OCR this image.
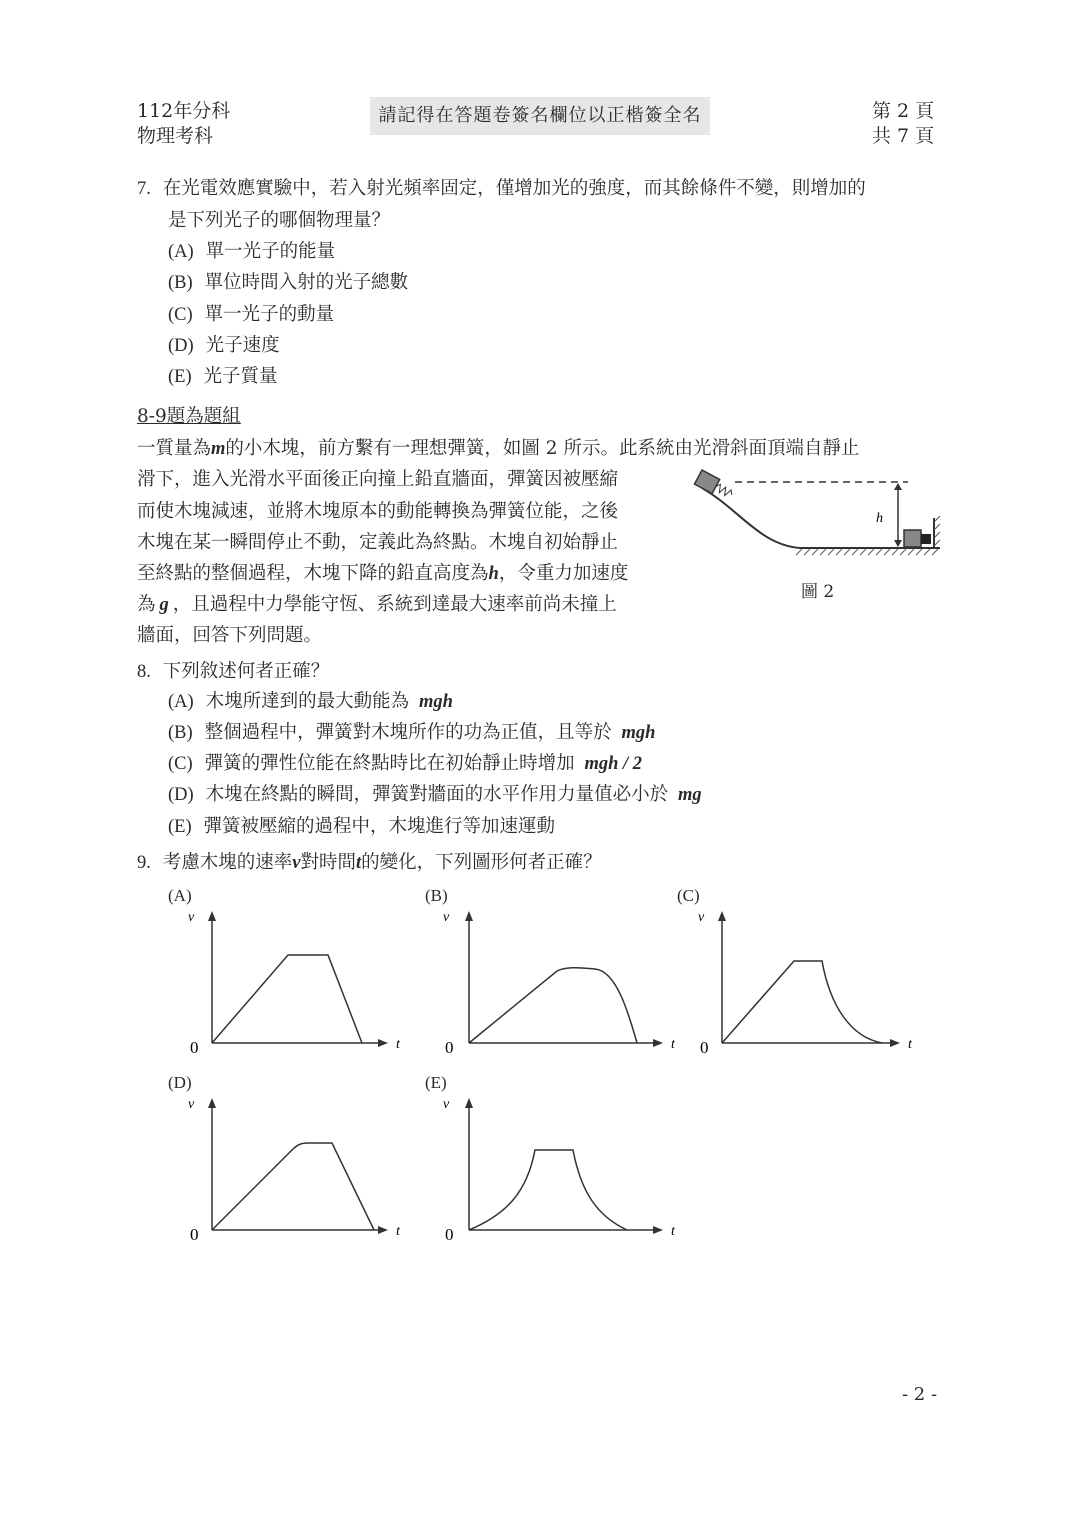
112年分科
物理考科
請記得在答題卷簽名欄位以正楷簽全名	第 2 頁
共 7 頁
7. 在光電效應實驗中，若入射光頻率固定，僅增加光的強度，而其餘條件不變，則增加的
是下列光子的哪個物理量？
(A) 單一光子的能量
(B) 單位時間入射的光子總數
(C) 單一光子的動量
(D) 光子速度
(E) 光子質量
8-9題為題組
一質量為m的小木塊，前方繫有一理想彈簧，如圖 2 所示。此系統由光滑斜面頂端自靜止
滑下，進入光滑水平面後正向撞上鉛直牆面，彈簧因被壓縮
而使木塊減速，並將木塊原本的動能轉換為彈簧位能，之後
木塊在某一瞬間停止不動，定義此為終點。木塊自初始靜止
至終點的整個過程，木塊下降的鉛直高度為h，令重力加速度
為 g ，且過程中力學能守恆、系統到達最大速率前尚未撞上
牆面，回答下列問題。
h
圖 2
8. 下列敘述何者正確？
(A) 木塊所達到的最大動能為 mgh
(B) 整個過程中，彈簧對木塊所作的功為正值，且等於 mgh
(C) 彈簧的彈性位能在終點時比在初始靜止時增加 mgh / 2
(D) 木塊在終點的瞬間，彈簧對牆面的水平作用力量值必小於 mg
(E) 彈簧被壓縮的過程中，木塊進行等加速運動
9. 考慮木塊的速率v對時間t的變化，下列圖形何者正確？
(A)
v
0	t
(B)
v
0	t
(C)
v
0	t
(D)
v
0	t
(E)
v
0	t
- 2 -
